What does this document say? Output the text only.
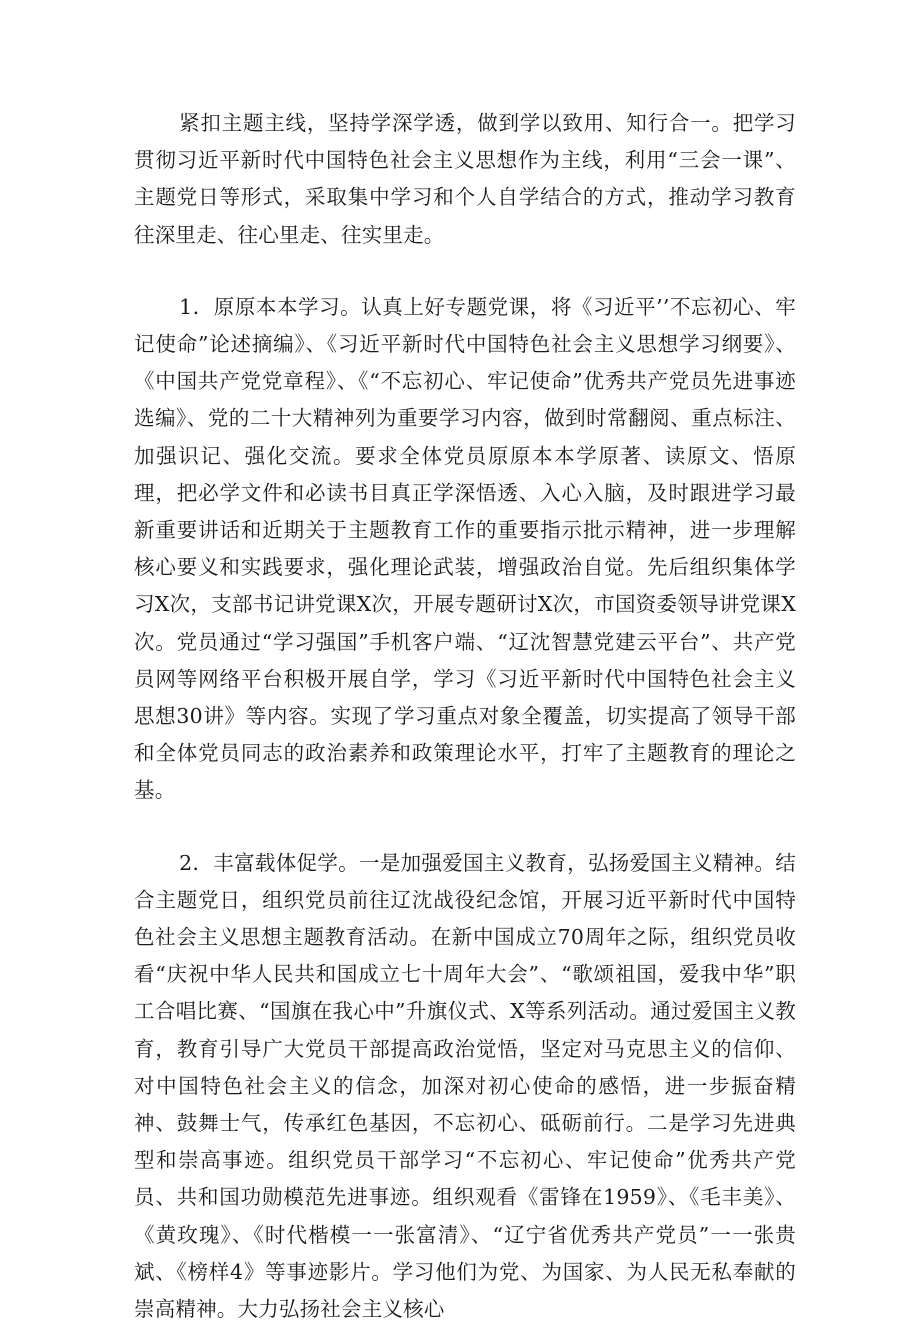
紧扣主题主线，坚持学深学透，做到学以致用、知行合一。把学习贯彻习近平新时代中国特色社会主义思想作为主线，利用“三会一课”、主题党日等形式，采取集中学习和个人自学结合的方式，推动学习教育往深里走、往心里走、往实里走。

1．原原本本学习。认真上好专题党课，将《习近平’’不忘初心、牢记使命”论述摘编》、《习近平新时代中国特色社会主义思想学习纲要》、《中国共产党党章程》、《“不忘初心、牢记使命”优秀共产党员先进事迹选编》、党的二十大精神列为重要学习内容，做到时常翻阅、重点标注、加强识记、强化交流。要求全体党员原原本本学原著、读原文、悟原理，把必学文件和必读书目真正学深悟透、入心入脑，及时跟进学习最新重要讲话和近期关于主题教育工作的重要指示批示精神，进一步理解核心要义和实践要求，强化理论武装，增强政治自觉。先后组织集体学习X次，支部书记讲党课X次，开展专题研讨X次，市国资委领导讲党课X次。党员通过“学习强国”手机客户端、“辽沈智慧党建云平台”、共产党员网等网络平台积极开展自学，学习《习近平新时代中国特色社会主义思想30讲》等内容。实现了学习重点对象全覆盖，切实提高了领导干部和全体党员同志的政治素养和政策理论水平，打牢了主题教育的理论之基。

2．丰富载体促学。一是加强爱国主义教育，弘扬爱国主义精神。结合主题党日，组织党员前往辽沈战役纪念馆，开展习近平新时代中国特色社会主义思想主题教育活动。在新中国成立70周年之际，组织党员收看“庆祝中华人民共和国成立七十周年大会”、“歌颂祖国，爱我中华”职工合唱比赛、“国旗在我心中”升旗仪式、X等系列活动。通过爱国主义教育，教育引导广大党员干部提高政治觉悟，坚定对马克思主义的信仰、对中国特色社会主义的信念，加深对初心使命的感悟，进一步振奋精神、鼓舞士气，传承红色基因，不忘初心、砥砺前行。二是学习先进典型和崇高事迹。组织党员干部学习“不忘初心、牢记使命”优秀共产党员、共和国功勋模范先进事迹。组织观看《雷锋在1959》、《毛丰美》、《黄玫瑰》、《时代楷模一一张富清》、“辽宁省优秀共产党员”一一张贵斌、《榜样4》等事迹影片。学习他们为党、为国家、为人民无私奉献的崇高精神。大力弘扬社会主义核心
